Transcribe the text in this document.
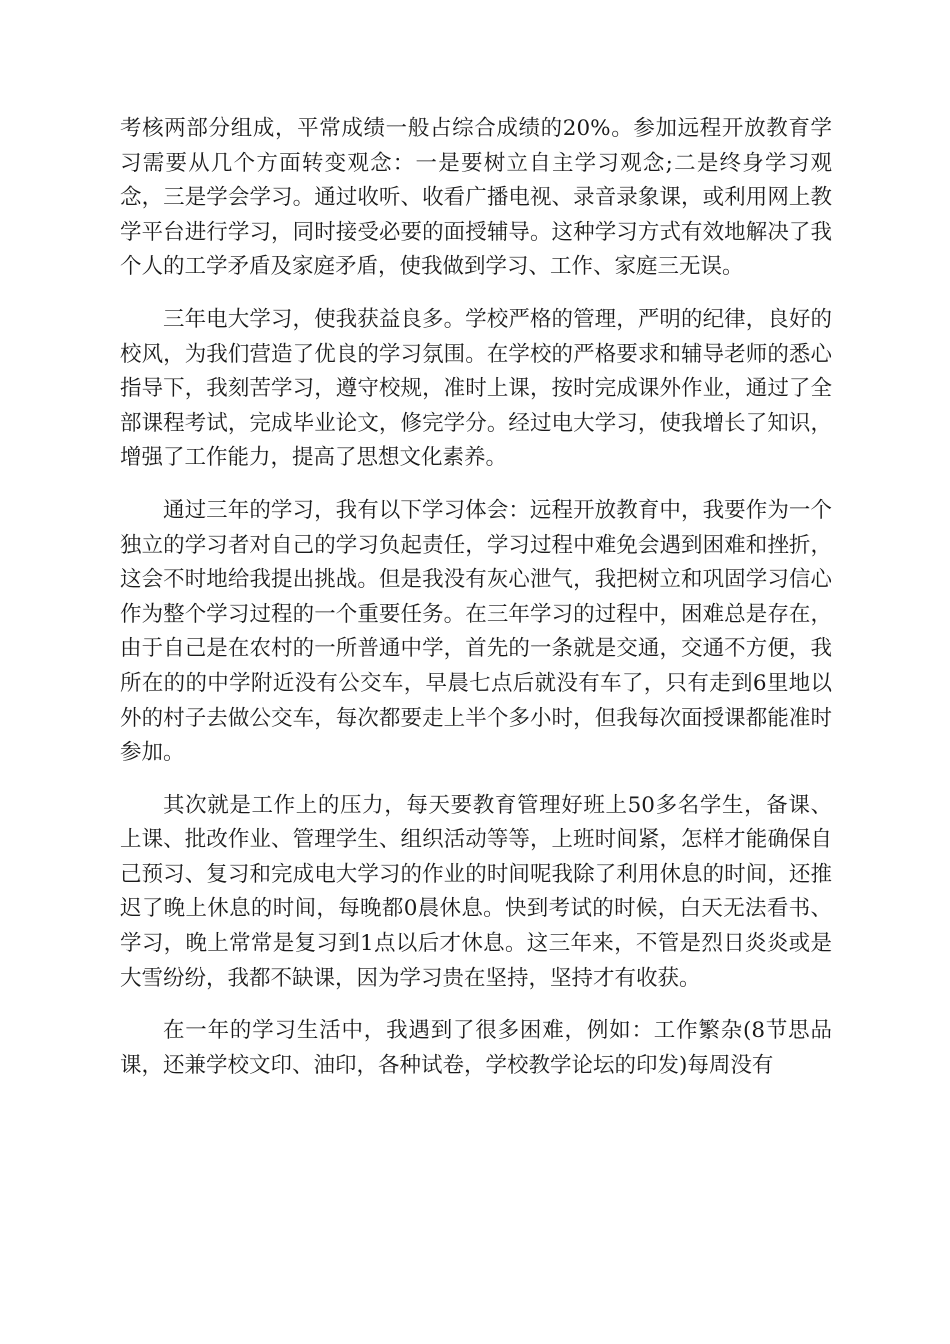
考核两部分组成，平常成绩一般占综合成绩的20%。参加远程开放教育学习需要从几个方面转变观念：一是要树立自主学习观念;二是终身学习观念，三是学会学习。通过收听、收看广播电视、录音录象课，或利用网上教学平台进行学习，同时接受必要的面授辅导。这种学习方式有效地解决了我个人的工学矛盾及家庭矛盾，使我做到学习、工作、家庭三无误。

三年电大学习，使我获益良多。学校严格的管理，严明的纪律，良好的校风，为我们营造了优良的学习氛围。在学校的严格要求和辅导老师的悉心指导下，我刻苦学习，遵守校规，准时上课，按时完成课外作业，通过了全部课程考试，完成毕业论文，修完学分。经过电大学习，使我增长了知识，增强了工作能力，提高了思想文化素养。

通过三年的学习，我有以下学习体会：远程开放教育中，我要作为一个独立的学习者对自己的学习负起责任，学习过程中难免会遇到困难和挫折，这会不时地给我提出挑战。但是我没有灰心泄气，我把树立和巩固学习信心作为整个学习过程的一个重要任务。在三年学习的过程中，困难总是存在，由于自己是在农村的一所普通中学，首先的一条就是交通，交通不方便，我所在的的中学附近没有公交车，早晨七点后就没有车了，只有走到6里地以外的村子去做公交车，每次都要走上半个多小时，但我每次面授课都能准时参加。

其次就是工作上的压力，每天要教育管理好班上50多名学生，备课、上课、批改作业、管理学生、组织活动等等，上班时间紧，怎样才能确保自己预习、复习和完成电大学习的作业的时间呢我除了利用休息的时间，还推迟了晚上休息的时间，每晚都0晨休息。快到考试的时候，白天无法看书、学习，晚上常常是复习到1点以后才休息。这三年来，不管是烈日炎炎或是大雪纷纷，我都不缺课，因为学习贵在坚持，坚持才有收获。

在一年的学习生活中，我遇到了很多困难，例如：工作繁杂(8节思品课，还兼学校文印、油印，各种试卷，学校教学论坛的印发)每周没有
